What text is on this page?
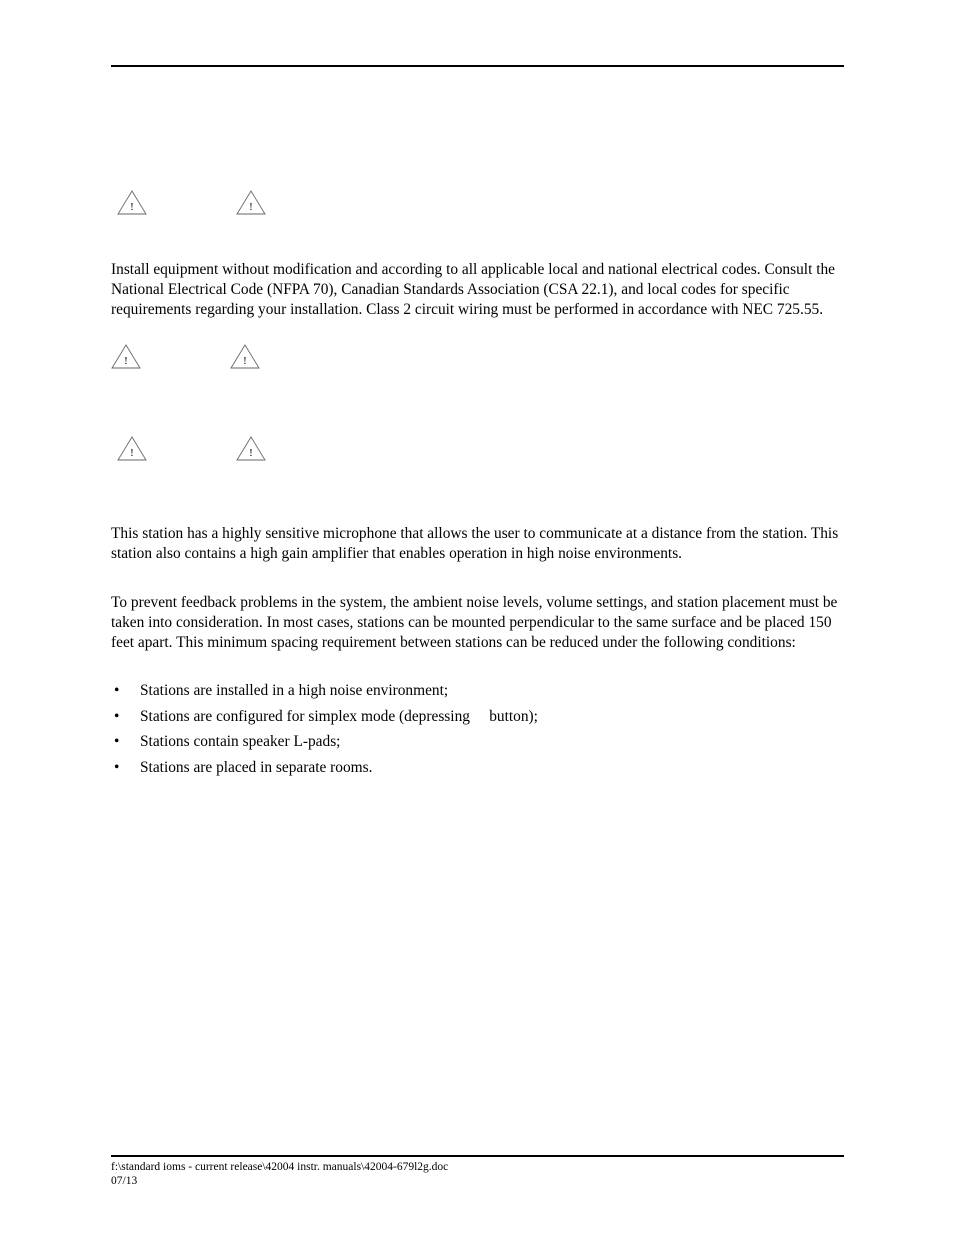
!	!

Install equipment without modification and according to all applicable local and national electrical codes. Consult the National Electrical Code (NFPA 70), Canadian Standards Association (CSA 22.1), and local codes for specific requirements regarding your installation. Class 2 circuit wiring must be performed in accordance with NEC 725.55.

!	!
!	!

This station has a highly sensitive microphone that allows the user to communicate at a distance from the station. This station also contains a high gain amplifier that enables operation in high noise environments.

To prevent feedback problems in the system, the ambient noise levels, volume settings, and station placement must be taken into consideration. In most cases, stations can be mounted perpendicular to the same surface and be placed 150 feet apart. This minimum spacing requirement between stations can be reduced under the following conditions:

• Stations are installed in a high noise environment;
• Stations are configured for simplex mode (depressing     button);
• Stations contain speaker L-pads;
• Stations are placed in separate rooms.
f:\standard ioms - current release\42004 instr. manuals\42004-679l2g.doc
07/13
